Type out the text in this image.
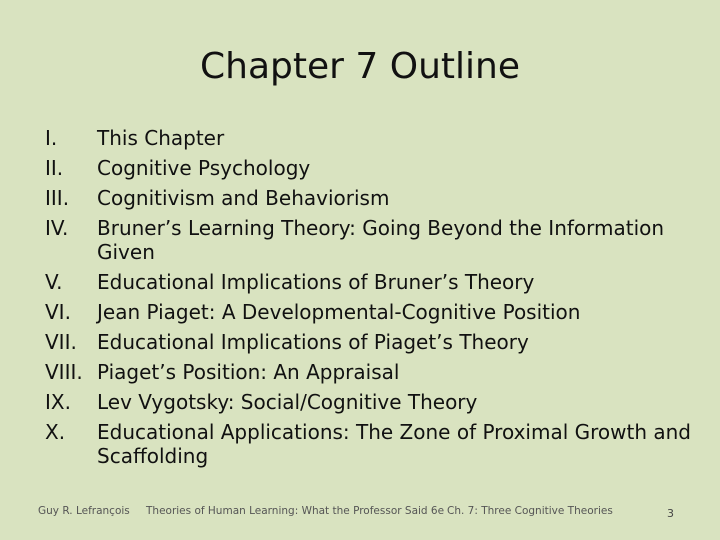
Chapter 7 Outline
I.	This Chapter
II.	Cognitive Psychology
III.	Cognitivism and Behaviorism
IV.	Bruner’s Learning Theory: Going Beyond the Information Given
V.	Educational Implications of Bruner’s Theory
VI.	Jean Piaget: A Developmental-Cognitive Position
VII.	Educational Implications of Piaget’s Theory
VIII. Piaget’s Position: An Appraisal
IX.	Lev Vygotsky: Social/Cognitive Theory
X.	Educational Applications: The Zone of Proximal Growth and Scaffolding
Guy R. Lefrançois Theories of Human Learning: What the Professor Said 6e Ch. 7: Three Cognitive Theories	3
